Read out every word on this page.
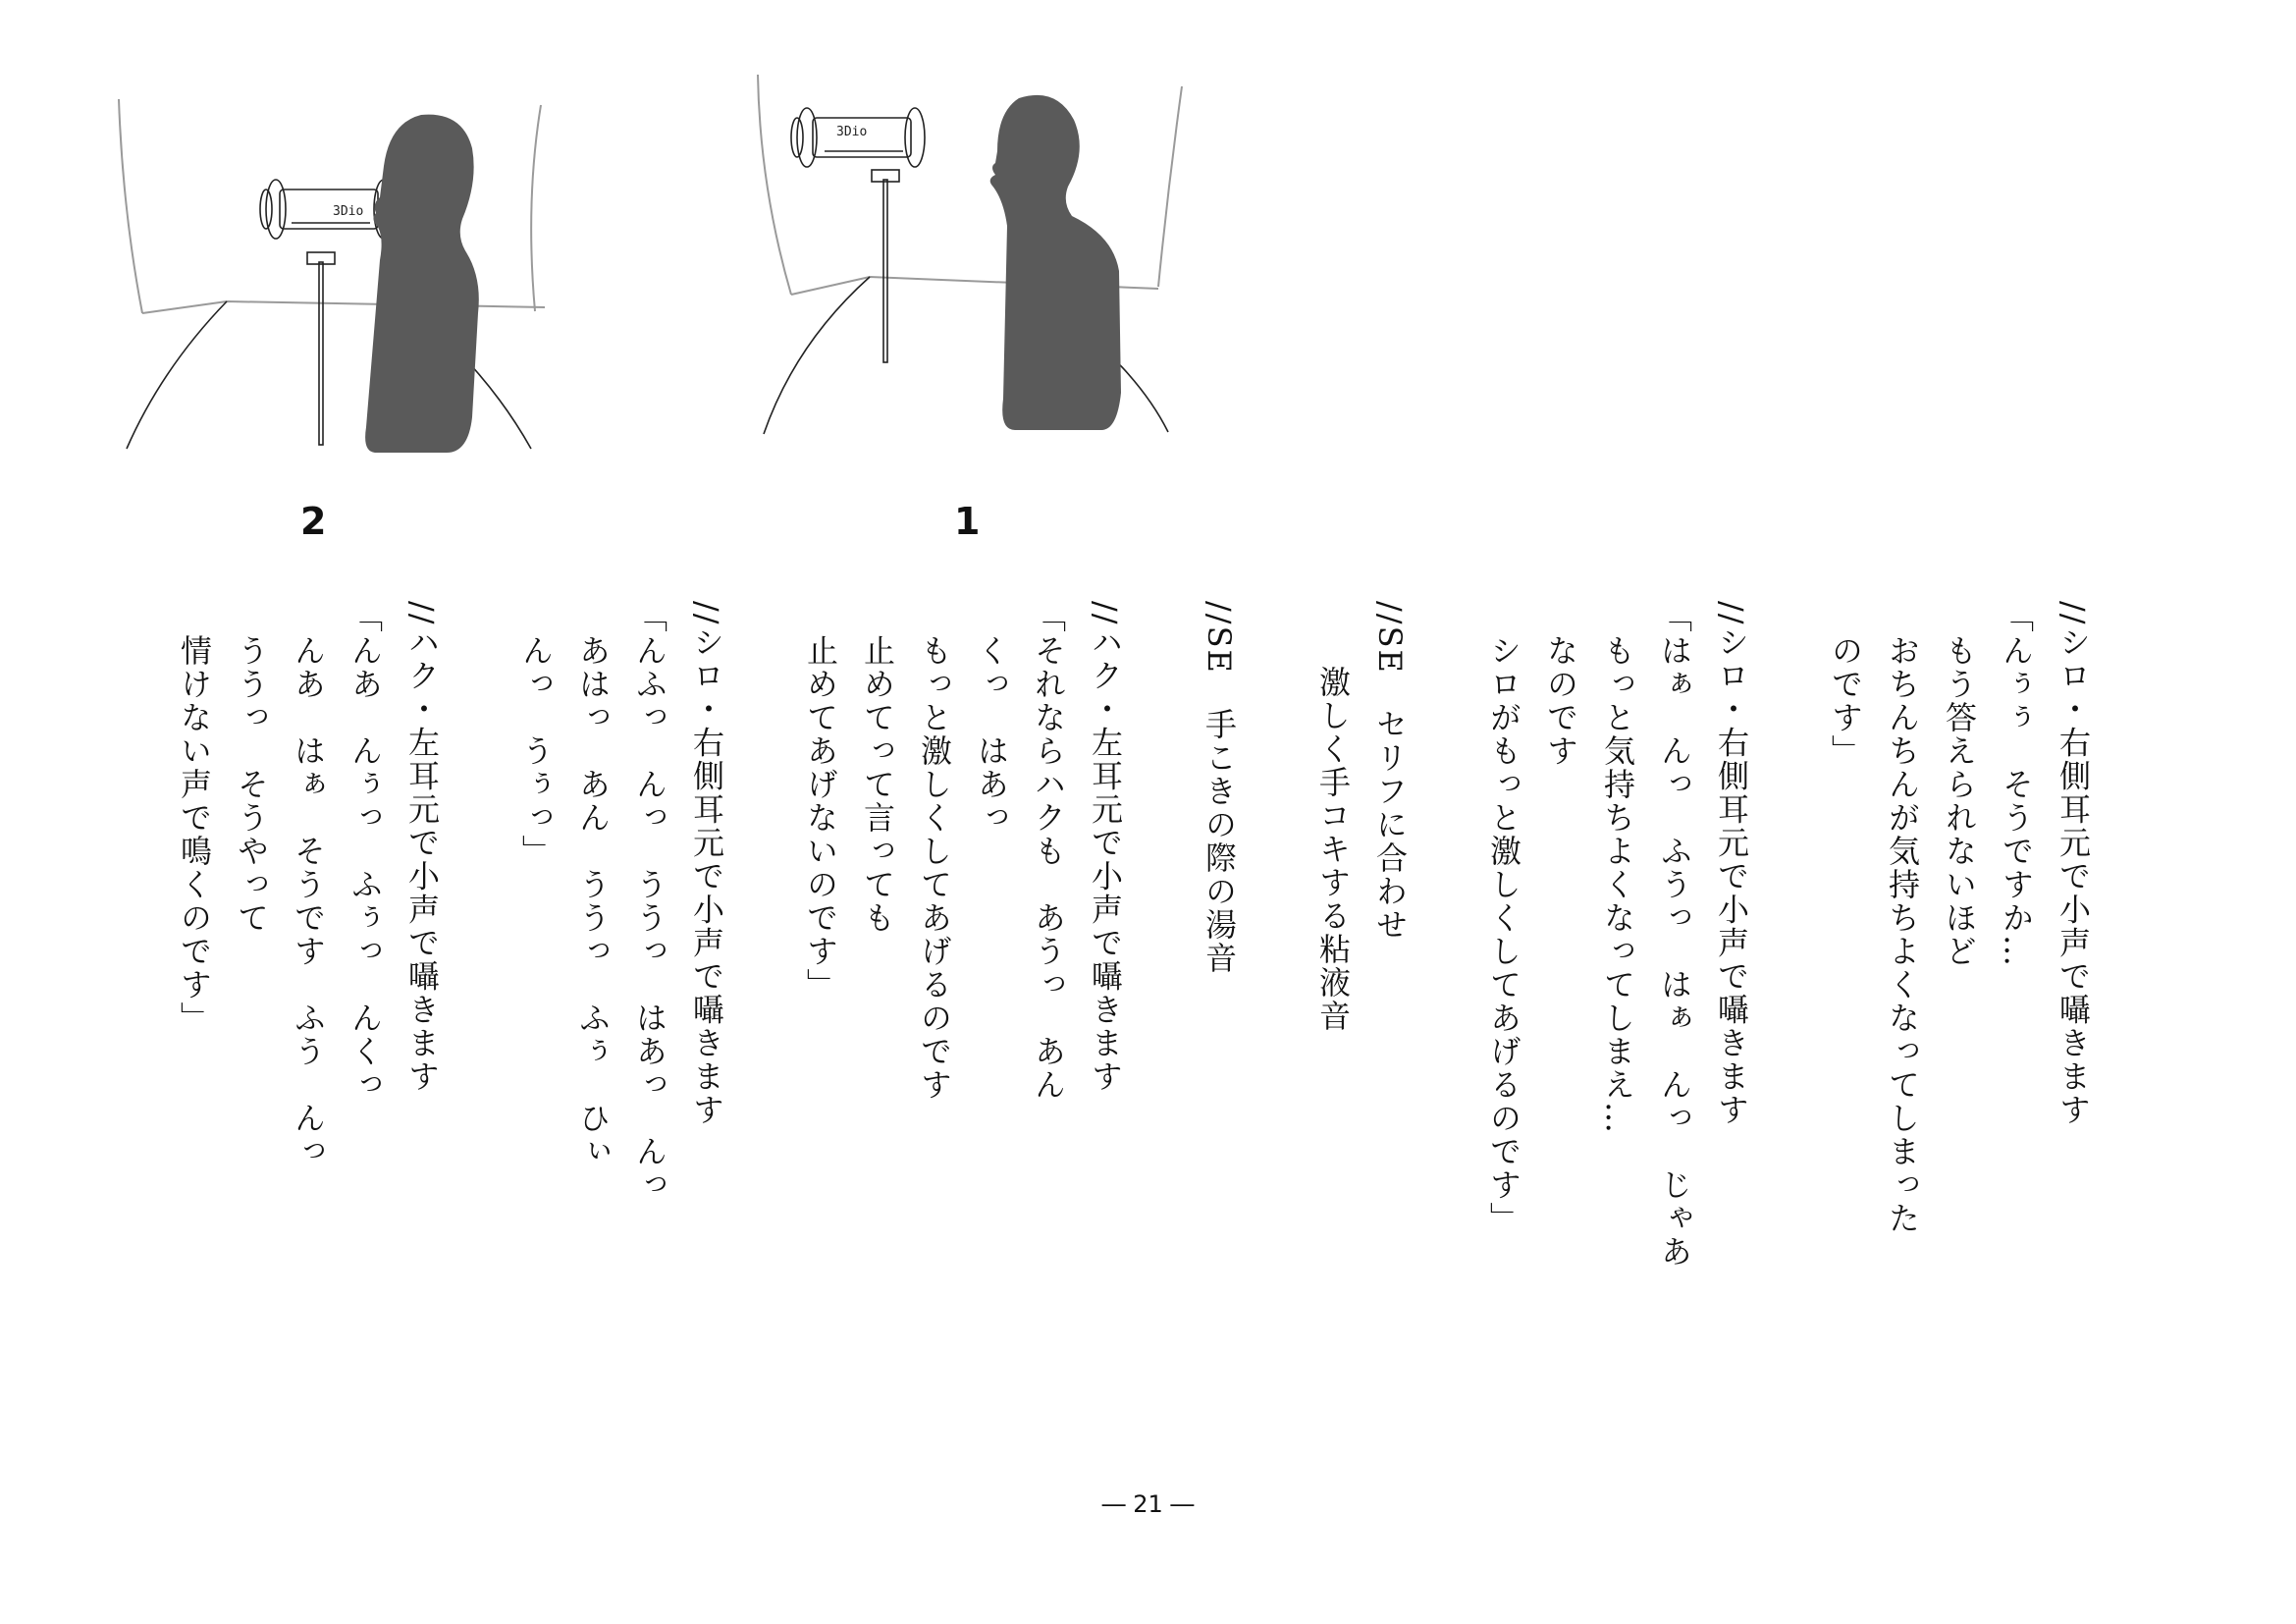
3Dio
3Dio
1
2
//シロ・右側耳元で小声で囁きます
「んぅぅ　そうですか…
もう答えられないほど
おちんちんが気持ちよくなってしまった
のです」
//シロ・右側耳元で小声で囁きます
「はぁ　んっ　ふうっ　はぁ　んっ　じゃあ
もっと気持ちよくなってしまえ…
なのです
シロがもっと激しくしてあげるのです」
//SE　セリフに合わせ
激しく手コキする粘液音
//SE　手こきの際の湯音
//ハク・左耳元で小声で囁きます
「それならハクも　あうっ　あん
くっ　はあっ
もっと激しくしてあげるのです
止めてって言っても
止めてあげないのです」
//シロ・右側耳元で小声で囁きます
「んふっ　んっ　ううっ　はあっ　んっ
あはっ　あん　ううっ　ふぅ　ひぃ
んっ　うぅっ」
//ハク・左耳元で小声で囁きます
「んあ　んぅっ　ふぅっ　んくっ
んあ　はぁ　そうです　ふう　んっ
ううっ　そうやって
情けない声で鳴くのです」
― 21 ―
